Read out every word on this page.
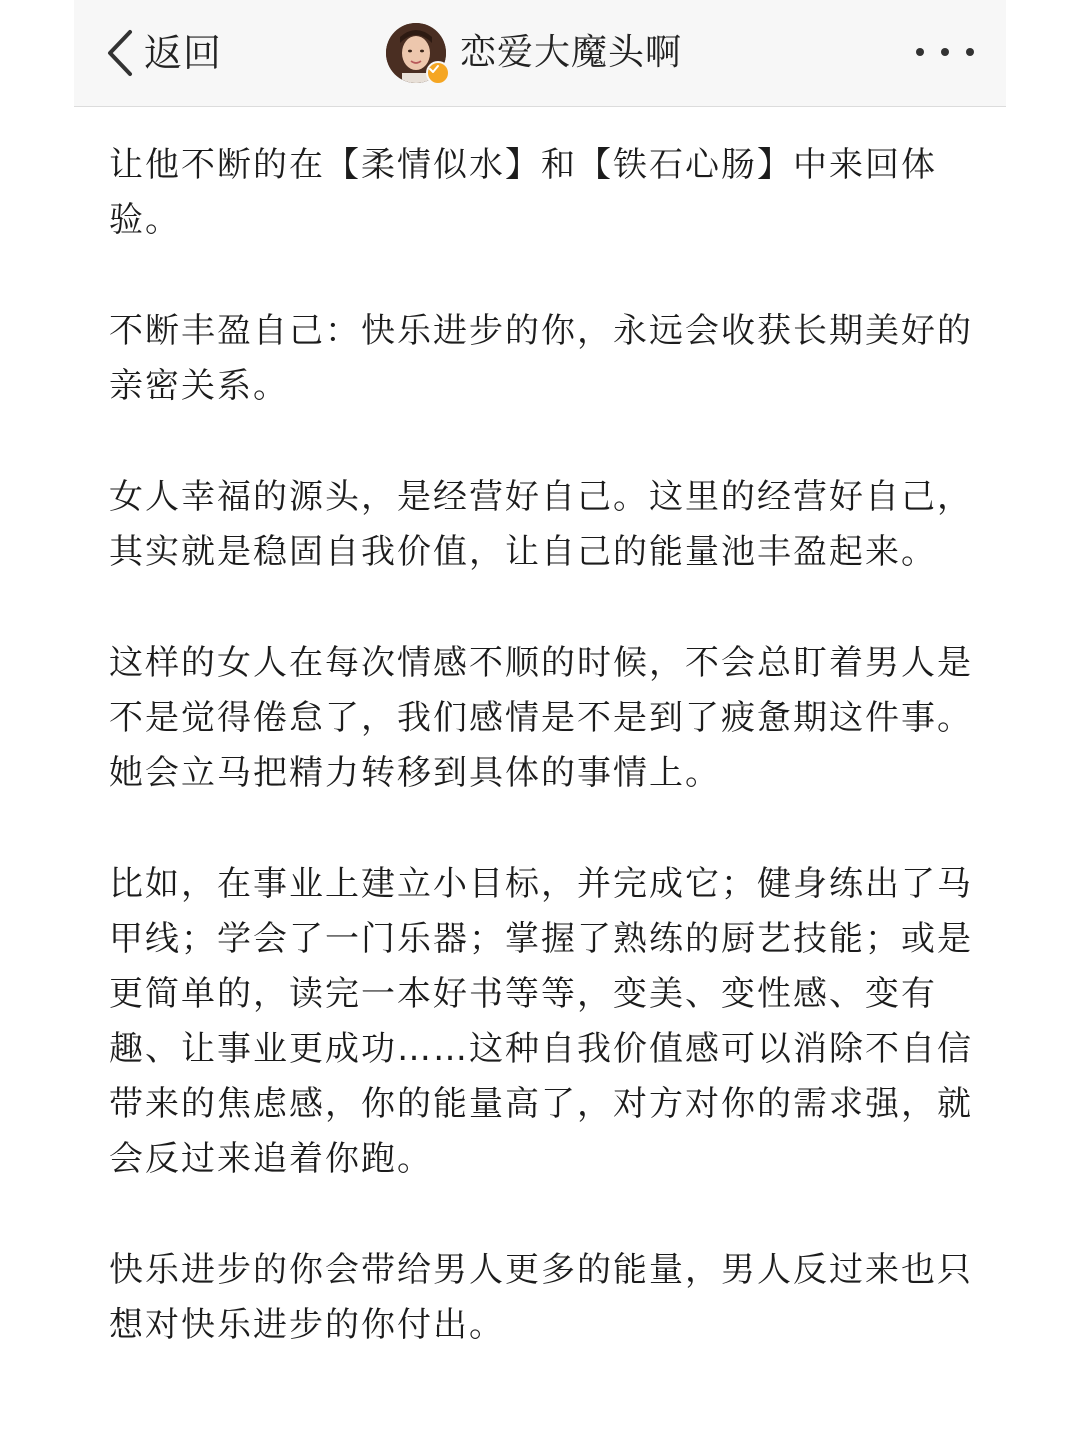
返回	恋爱大魔头啊

让他不断的在【柔情似水】和【铁石心肠】中来回体验。

不断丰盈自己：快乐进步的你，永远会收获长期美好的亲密关系。

女人幸福的源头，是经营好自己。这里的经营好自己，其实就是稳固自我价值，让自己的能量池丰盈起来。

这样的女人在每次情感不顺的时候，不会总盯着男人是不是觉得倦怠了，我们感情是不是到了疲惫期这件事。她会立马把精力转移到具体的事情上。

比如，在事业上建立小目标，并完成它；健身练出了马甲线；学会了一门乐器；掌握了熟练的厨艺技能；或是更简单的，读完一本好书等等，变美、变性感、变有趣、让事业更成功……这种自我价值感可以消除不自信带来的焦虑感，你的能量高了，对方对你的需求强，就会反过来追着你跑。

快乐进步的你会带给男人更多的能量，男人反过来也只想对快乐进步的你付出。
